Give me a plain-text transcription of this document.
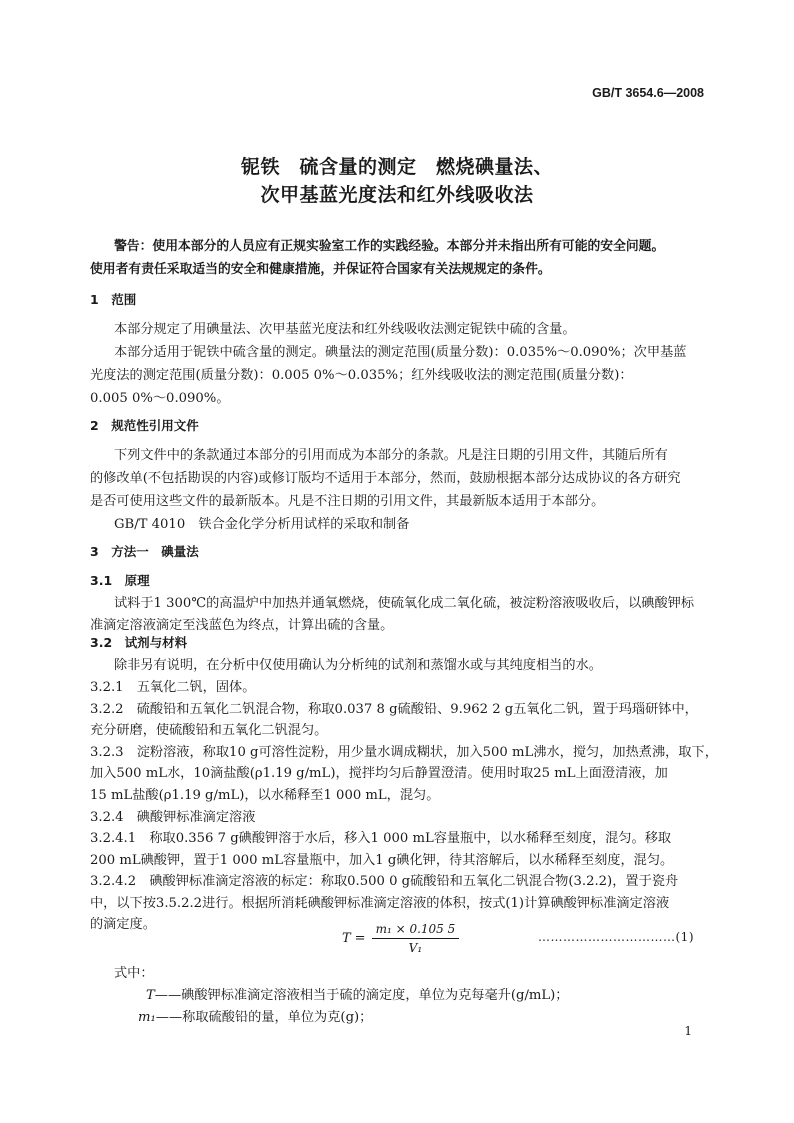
GB/T 3654.6—2008
铌铁　硫含量的测定　燃烧碘量法、
次甲基蓝光度法和红外线吸收法
警告：使用本部分的人员应有正规实验室工作的实践经验。本部分并未指出所有可能的安全问题。
使用者有责任采取适当的安全和健康措施，并保证符合国家有关法规规定的条件。
1　范围
本部分规定了用碘量法、次甲基蓝光度法和红外线吸收法测定铌铁中硫的含量。
本部分适用于铌铁中硫含量的测定。碘量法的测定范围(质量分数)：0.035%～0.090%；次甲基蓝
光度法的测定范围(质量分数)：0.005 0%～0.035%；红外线吸收法的测定范围(质量分数)：
0.005 0%～0.090%。
2　规范性引用文件
下列文件中的条款通过本部分的引用而成为本部分的条款。凡是注日期的引用文件，其随后所有
的修改单(不包括勘误的内容)或修订版均不适用于本部分，然而，鼓励根据本部分达成协议的各方研究
是否可使用这些文件的最新版本。凡是不注日期的引用文件，其最新版本适用于本部分。
GB/T 4010　铁合金化学分析用试样的采取和制备
3　方法一　碘量法
3.1　原理
试料于1 300℃的高温炉中加热并通氧燃烧，使硫氧化成二氧化硫，被淀粉溶液吸收后，以碘酸钾标
准滴定溶液滴定至浅蓝色为终点，计算出硫的含量。
3.2　试剂与材料
除非另有说明，在分析中仅使用确认为分析纯的试剂和蒸馏水或与其纯度相当的水。
3.2.1　五氧化二钒，固体。
3.2.2　硫酸铅和五氧化二钒混合物，称取0.037 8 g硫酸铅、9.962 2 g五氧化二钒，置于玛瑙研钵中，
充分研磨，使硫酸铅和五氧化二钒混匀。
3.2.3　淀粉溶液，称取10 g可溶性淀粉，用少量水调成糊状，加入500 mL沸水，搅匀，加热煮沸，取下，
加入500 mL水，10滴盐酸(ρ1.19 g/mL)，搅拌均匀后静置澄清。使用时取25 mL上面澄清液，加
15 mL盐酸(ρ1.19 g/mL)，以水稀释至1 000 mL，混匀。
3.2.4　碘酸钾标准滴定溶液
3.2.4.1　称取0.356 7 g碘酸钾溶于水后，移入1 000 mL容量瓶中，以水稀释至刻度，混匀。移取
200 mL碘酸钾，置于1 000 mL容量瓶中，加入1 g碘化钾，待其溶解后，以水稀释至刻度，混匀。
3.2.4.2　碘酸钾标准滴定溶液的标定：称取0.500 0 g硫酸铅和五氧化二钒混合物(3.2.2)，置于瓷舟
中，以下按3.5.2.2进行。根据所消耗碘酸钾标准滴定溶液的体积，按式(1)计算碘酸钾标准滴定溶液
的滴定度。
$T = \frac{\text{m₁ × 0.105 5}}{\text{V₁}}$	……………………………(1)
式中：
T——碘酸钾标准滴定溶液相当于硫的滴定度，单位为克每毫升(g/mL)；
m₁——称取硫酸铅的量，单位为克(g)；
1
